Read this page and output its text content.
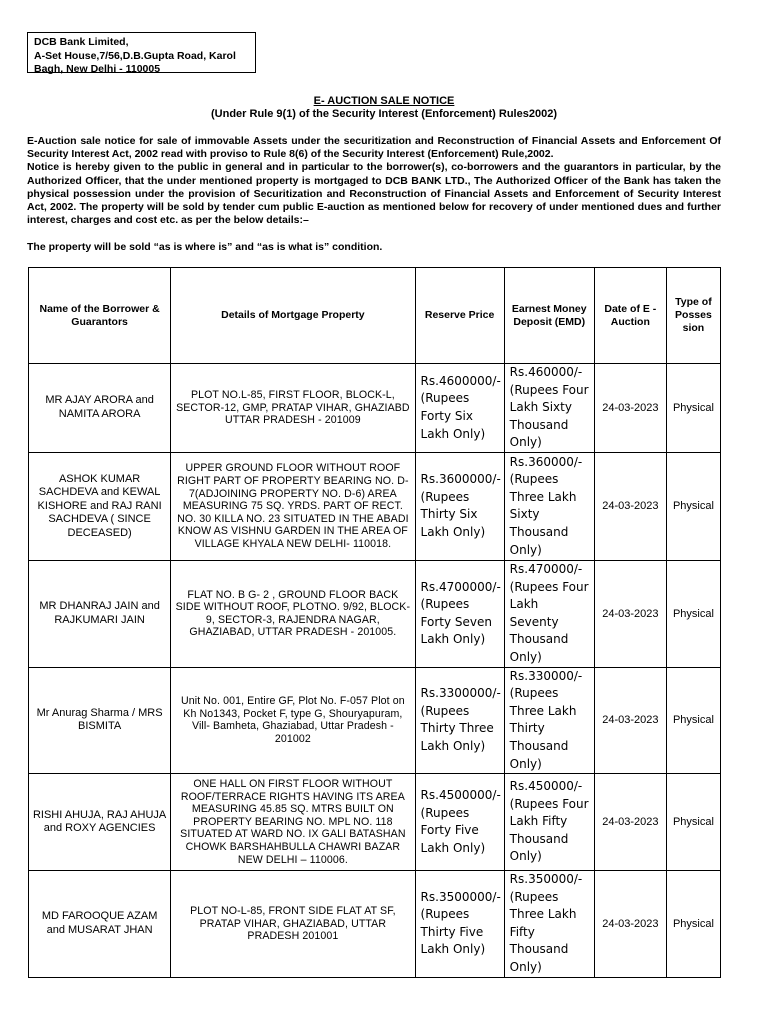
DCB Bank Limited,
A-Set House,7/56,D.B.Gupta Road, Karol
Bagh, New Delhi - 110005
E- AUCTION SALE NOTICE
(Under Rule 9(1) of the Security Interest (Enforcement) Rules2002)

E-Auction sale notice for sale of immovable Assets under the securitization and Reconstruction of Financial Assets and Enforcement Of Security Interest Act, 2002 read with proviso to Rule 8(6) of the Security Interest (Enforcement) Rule,2002.

Notice is hereby given to the public in general and in particular to the borrower(s), co-borrowers and the guarantors in particular, by the Authorized Officer, that the under mentioned property is mortgaged to DCB BANK LTD., The Authorized Officer of the Bank has taken the physical possession under the provision of Securitization and Reconstruction of Financial Assets and Enforcement of Security Interest Act, 2002. The property will be sold by tender cum public E-auction as mentioned below for recovery of under mentioned dues and further interest, charges and cost etc. as per the below details:–

The property will be sold “as is where is” and “as is what is” condition.
Name of the Borrower & Guarantors	Details of Mortgage Property	Reserve Price	Earnest Money Deposit (EMD)	Date of E - Auction	Type of Posses sion
MR AJAY ARORA and NAMITA ARORA	PLOT NO.L-85, FIRST FLOOR, BLOCK-L, SECTOR-12, GMP, PRATAP VIHAR, GHAZIABD UTTAR PRADESH - 201009	Rs.4600000/-(Rupees Forty Six Lakh Only)	Rs.460000/-(Rupees Four Lakh Sixty Thousand Only)	24-03-2023	Physical
ASHOK KUMAR SACHDEVA and KEWAL KISHORE and RAJ RANI SACHDEVA ( SINCE DECEASED)	UPPER GROUND FLOOR WITHOUT ROOF RIGHT PART OF PROPERTY BEARING NO. D-7(ADJOINING PROPERTY NO. D-6) AREA MEASURING 75 SQ. YRDS. PART OF RECT. NO. 30 KILLA NO. 23 SITUATED IN THE ABADI KNOW AS VISHNU GARDEN IN THE AREA OF VILLAGE KHYALA NEW DELHI- 110018.	Rs.3600000/-(Rupees Thirty Six Lakh Only)	Rs.360000/-(Rupees Three Lakh Sixty Thousand Only)	24-03-2023	Physical
MR DHANRAJ JAIN and RAJKUMARI JAIN	FLAT NO. B G- 2 , GROUND FLOOR BACK SIDE WITHOUT ROOF, PLOTNO. 9/92, BLOCK-9, SECTOR-3, RAJENDRA NAGAR, GHAZIABAD, UTTAR PRADESH - 201005.	Rs.4700000/-(Rupees Forty Seven Lakh Only)	Rs.470000/-(Rupees Four Lakh Seventy Thousand Only)	24-03-2023	Physical
Mr Anurag Sharma / MRS BISMITA	Unit No. 001, Entire GF, Plot No. F-057 Plot on Kh No1343, Pocket F, type G, Shouryapuram, Vill- Bamheta, Ghaziabad, Uttar Pradesh - 201002	Rs.3300000/-(Rupees Thirty Three Lakh Only)	Rs.330000/-(Rupees Three Lakh Thirty Thousand Only)	24-03-2023	Physical
RISHI AHUJA, RAJ AHUJA and ROXY AGENCIES	ONE HALL ON FIRST FLOOR WITHOUT ROOF/TERRACE RIGHTS HAVING ITS AREA MEASURING 45.85 SQ. MTRS BUILT ON PROPERTY BEARING NO. MPL NO. 118 SITUATED AT WARD NO. IX GALI BATASHAN CHOWK BARSHAHBULLA CHAWRI BAZAR NEW DELHI – 110006.	Rs.4500000/-(Rupees Forty Five Lakh Only)	Rs.450000/-(Rupees Four Lakh Fifty Thousand Only)	24-03-2023	Physical
MD FAROOQUE AZAM and MUSARAT JHAN	PLOT NO-L-85, FRONT SIDE FLAT AT SF, PRATAP VIHAR, GHAZIABAD, UTTAR PRADESH 201001	Rs.3500000/-(Rupees Thirty Five Lakh Only)	Rs.350000/-(Rupees Three Lakh Fifty Thousand Only)	24-03-2023	Physical
